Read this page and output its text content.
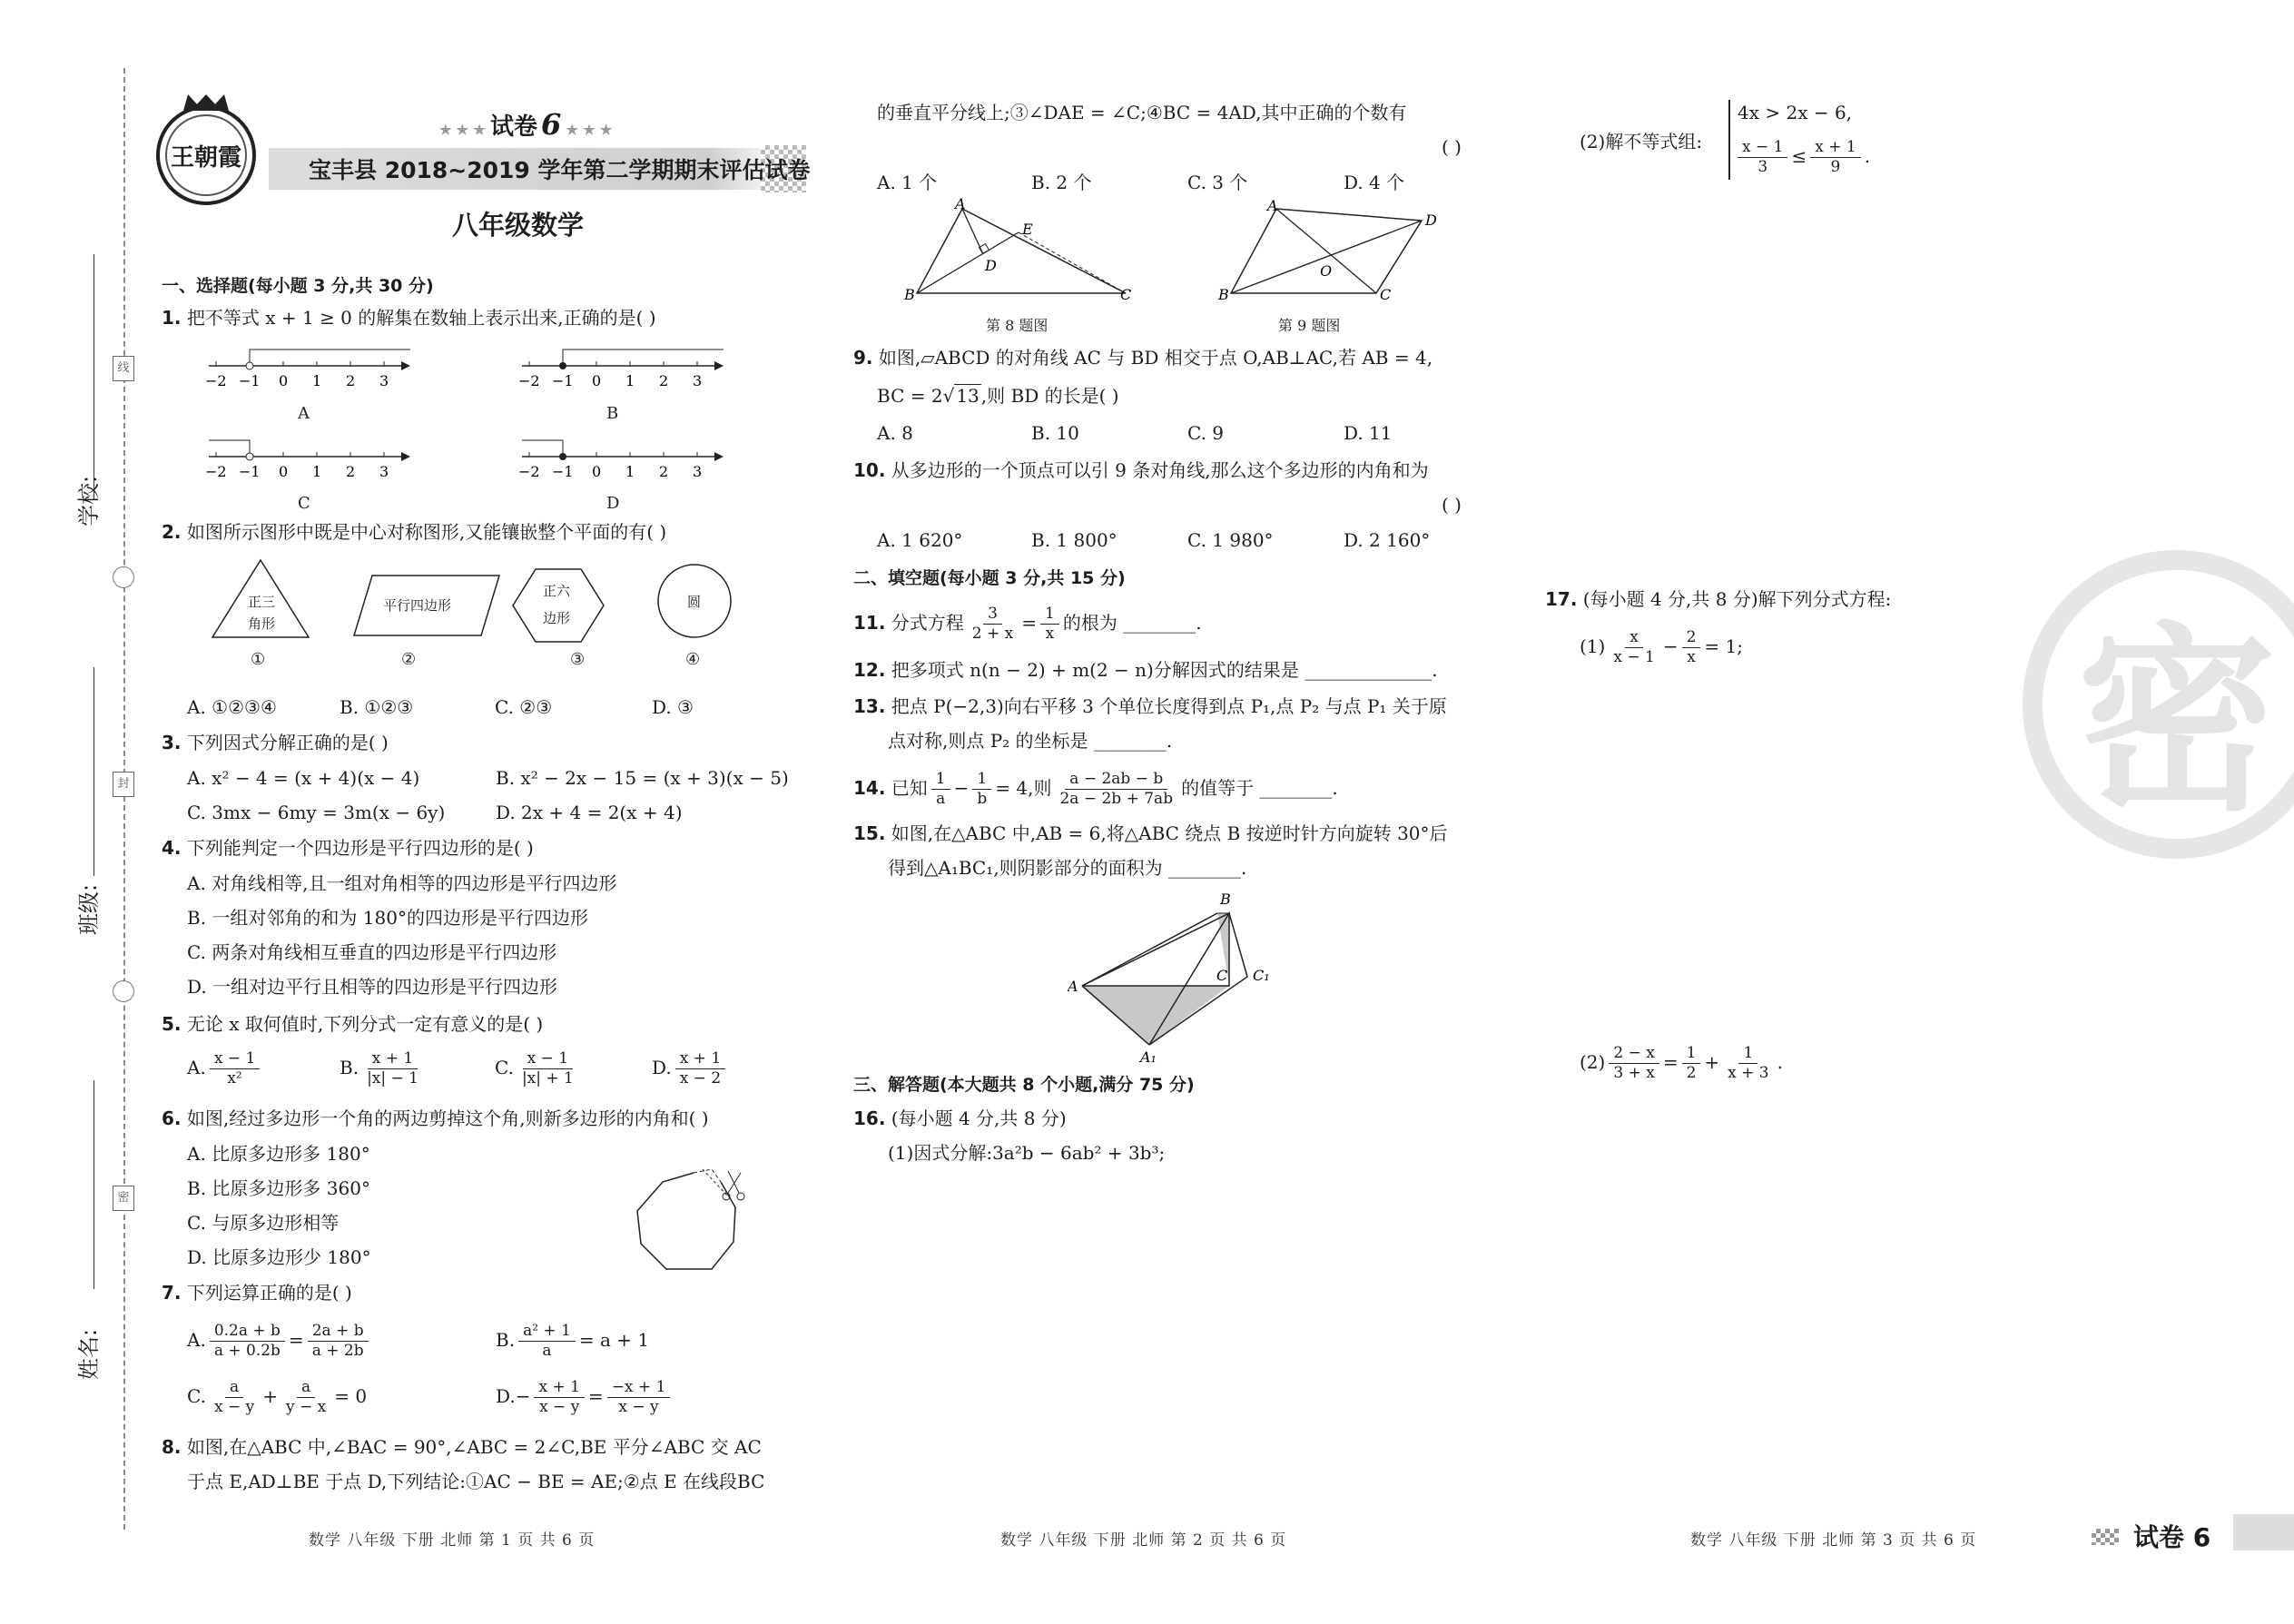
线
封
密
学校:
班级:
姓名:
王朝霞
★ ★ ★ 试卷 6 ★ ★ ★
宝丰县 2018~2019 学年第二学期期末评估试卷
八年级数学
一、选择题(每小题 3 分,共 30 分)
1. 把不等式 x + 1 ≥ 0 的解集在数轴上表示出来,正确的是( )
−2 −1 0 1 2 3	−2 −1 0 1 2 3
−2 −1 0 1 2 3	−2 −1 0 1 2 3
A	B
C	D
2. 如图所示图形中既是中心对称图形,又能镶嵌整个平面的有( )
正三
角形
平行四边形
正六
边形
圆
①	②	③	④
A. ①②③④	B. ①②③	C. ②③	D. ③
3. 下列因式分解正确的是( )
A. x² − 4 = (x + 4)(x − 4)	B. x² − 2x − 15 = (x + 3)(x − 5)
C. 3mx − 6my = 3m(x − 6y)	D. 2x + 4 = 2(x + 4)
4. 下列能判定一个四边形是平行四边形的是( )
A. 对角线相等,且一组对角相等的四边形是平行四边形
B. 一组对邻角的和为 180°的四边形是平行四边形
C. 两条对角线相互垂直的四边形是平行四边形
D. 一组对边平行且相等的四边形是平行四边形
5. 无论 x 取何值时,下列分式一定有意义的是( )
A. $\frac{x - 1}{\text{x²}}$	B. $\frac{x + 1}{|x| - 1}$	C. $\frac{x - 1}{|x| + 1}$	D. $\frac{x + 1}{x - 2}$
6. 如图,经过多边形一个角的两边剪掉这个角,则新多边形的内角和( )
A. 比原多边形多 180°
B. 比原多边形多 360°
C. 与原多边形相等
D. 比原多边形少 180°
7. 下列运算正确的是( )
A. $\frac{0.2a + b}{a + 0.2b} = \frac{2a + b}{a + 2b}$	B. $\frac{\text{a² + 1}}{a} = a + 1$
C. $\frac{a}{x - y} + \frac{a}{y - x} = 0$	$D.- \frac{x + 1}{x - y} = \frac{-x + 1}{x - y}$
8. 如图,在△ABC 中,∠BAC = 90°,∠ABC = 2∠C,BE 平分∠ABC 交 AC
于点 E,AD⊥BE 于点 D,下列结论:①AC − BE = AE;②点 E 在线段BC
数学 八年级 下册 北师 第 1 页 共 6 页
的垂直平分线上;③∠DAE = ∠C;④BC = 4AD,其中正确的个数有
( )
A. 1 个	B. 2 个	C. 3 个	D. 4 个
A
B	C
D
E
第 8 题图
A
D
B	C
O
第 9 题图
9. 如图,▱ABCD 的对角线 AC 与 BD 相交于点 O,AB⊥AC,若 AB = 4,
BC = 2√ 13 ,则 BD 的长是( )
A. 8	B. 10	C. 9	D. 11
10. 从多边形的一个顶点可以引 9 条对角线,那么这个多边形的内角和为
( )
A. 1 620°	B. 1 800°	C. 1 980°	D. 2 160°
二、填空题(每小题 3 分,共 15 分)
11. 分式方程 $\frac{3}{2 + x} = \frac{1}{x}$ 的根为 ________.
12. 把多项式 n(n − 2) + m(2 − n)分解因式的结果是 ______________.
13. 把点 P(−2,3)向右平移 3 个单位长度得到点 P₁,点 P₂ 与点 P₁ 关于原
点对称,则点 P₂ 的坐标是 ________.
14. 已知 $\frac{1}{a} - \frac{1}{b} = 4$,则 $\frac{a - 2ab - b}{2a - 2b + 7ab}$ 的值等于 ________.
15. 如图,在△ABC 中,AB = 6,将△ABC 绕点 B 按逆时针方向旋转 30°后
得到△A₁BC₁,则阴影部分的面积为 ________.
B
A
C C₁
A₁
三、解答题(本大题共 8 个小题,满分 75 分)
16. (每小题 4 分,共 8 分)
(1)因式分解:3a²b − 6ab² + 3b³;
数学 八年级 下册 北师 第 2 页 共 6 页
(2)解不等式组:
4x > 2x − 6,
$\frac{x - 1}{3} \le \frac{x + 1}{9}$ .
17. (每小题 4 分,共 8 分)解下列分式方程:
$(1) \frac{x}{x - 1} - \frac{2}{x} = 1$;
$(2) \frac{2 - x}{3 + x} = \frac{1}{2} + \frac{1}{x + 3}$ .
密
数学 八年级 下册 北师 第 3 页 共 6 页	试卷 6
